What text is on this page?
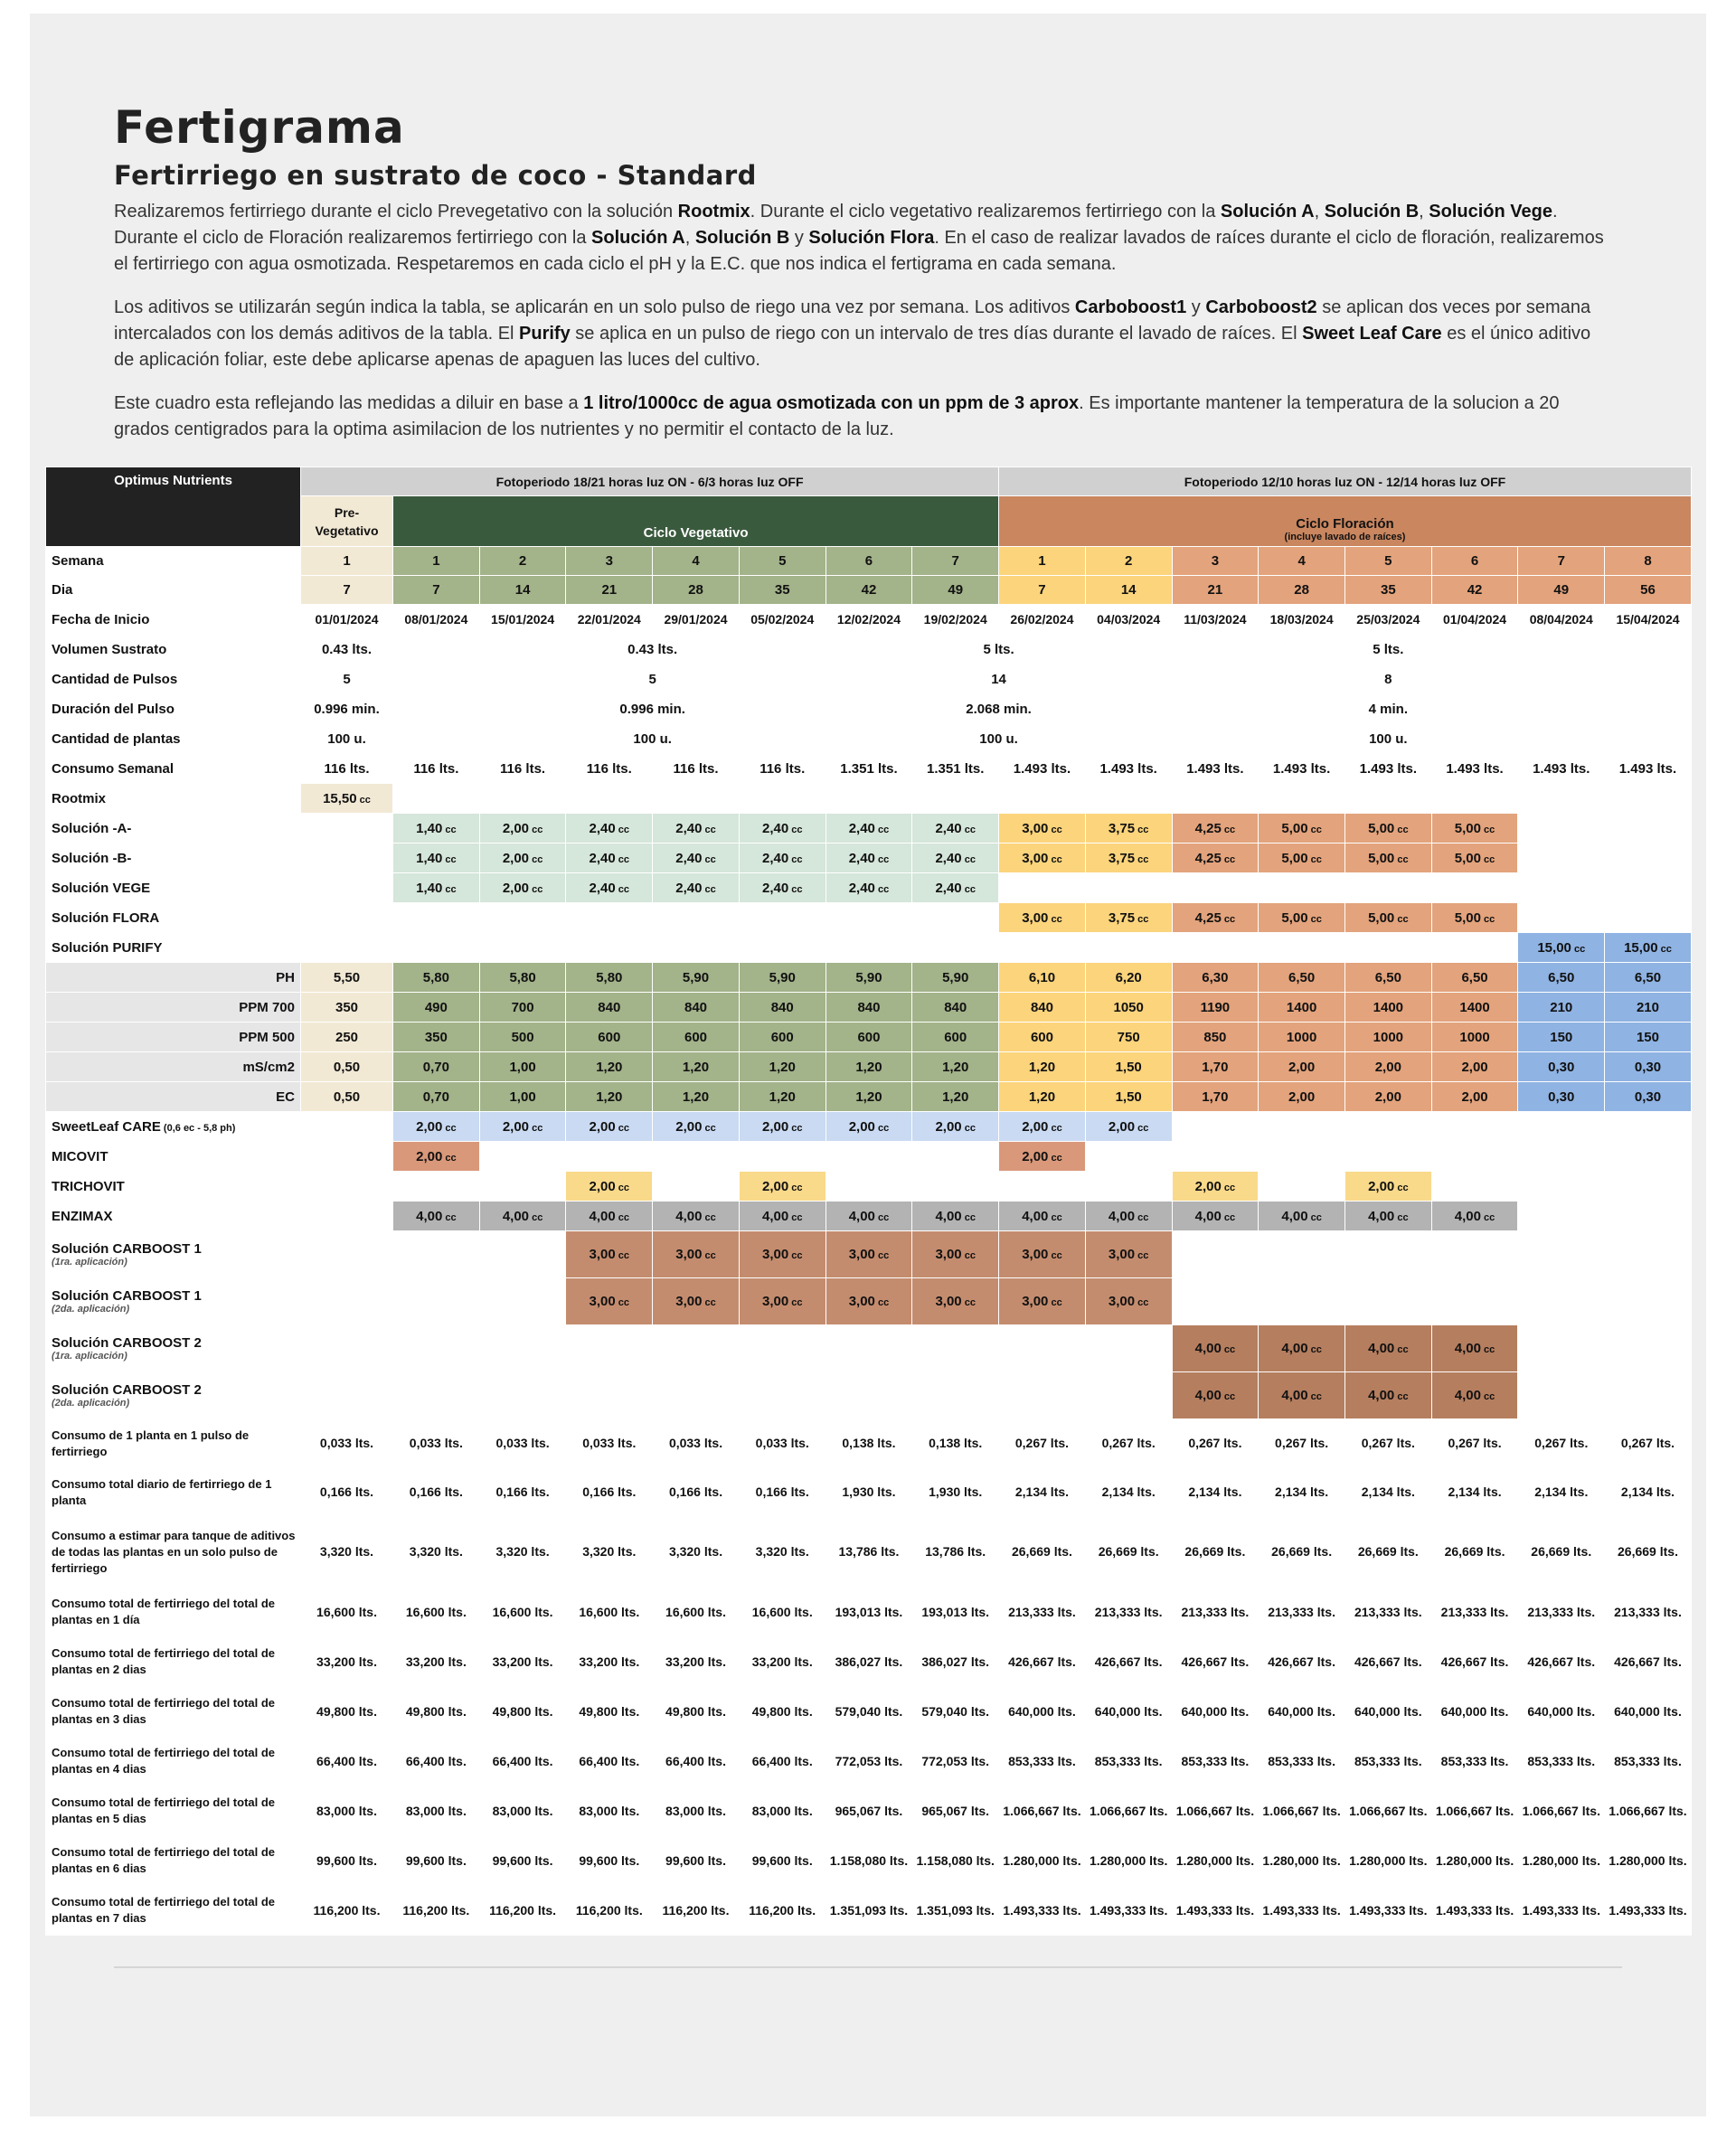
Fertigrama
Fertirriego en sustrato de coco - Standard

Realizaremos fertirriego durante el ciclo Prevegetativo con la solución Rootmix. Durante el ciclo vegetativo realizaremos fertirriego con la Solución A, Solución B, Solución Vege. Durante el ciclo de Floración realizaremos fertirriego con la Solución A, Solución B y Solución Flora. En el caso de realizar lavados de raíces durante el ciclo de floración, realizaremos el fertirriego con agua osmotizada. Respetaremos en cada ciclo el pH y la E.C. que nos indica el fertigrama en cada semana.

Los aditivos se utilizarán según indica la tabla, se aplicarán en un solo pulso de riego una vez por semana. Los aditivos Carboboost1 y Carboboost2 se aplican dos veces por semana intercalados con los demás aditivos de la tabla. El Purify se aplica en un pulso de riego con un intervalo de tres días durante el lavado de raíces. El Sweet Leaf Care es el único aditivo de aplicación foliar, este debe aplicarse apenas de apaguen las luces del cultivo.

Este cuadro esta reflejando las medidas a diluir en base a 1 litro/1000cc de agua osmotizada con un ppm de 3 aprox. Es importante mantener la temperatura de la solucion a 20 grados centigrados para la optima asimilacion de los nutrientes y no permitir el contacto de la luz.

Optimus Nutrients	Fotoperiodo 18/21 horas luz ON - 6/3 horas luz OFF								Fotoperiodo 12/10 horas luz ON - 12/14 horas luz OFF							
	Pre-Vegetativo	Ciclo Vegetativo							Ciclo Floración
(incluye lavado de raíces)							

Semana	1	1	2	3	4	5	6	7	1	2	3	4	5	6	7	8
Dia	7	7	14	21	28	35	42	49	7	14	21	28	35	42	49	56
Fecha de Inicio	01/01/2024	08/01/2024	15/01/2024	22/01/2024	29/01/2024	05/02/2024	12/02/2024	19/02/2024	26/02/2024	04/03/2024	11/03/2024	18/03/2024	25/03/2024	01/04/2024	08/04/2024	15/04/2024
Volumen Sustrato	0.43 lts.	0.43 lts.						5 lts.		5 lts.						
Cantidad de Pulsos	5	5						14		8						
Duración del Pulso	0.996 min.	0.996 min.						2.068 min.		4 min.						
Cantidad de plantas	100 u.	100 u.						100 u.		100 u.						
Consumo Semanal	116 lts.	116 lts.	116 lts.	116 lts.	116 lts.	116 lts.	1.351 lts.	1.351 lts.	1.493 lts.	1.493 lts.	1.493 lts.	1.493 lts.	1.493 lts.	1.493 lts.	1.493 lts.	1.493 lts.
Rootmix	15,50 cc															
Solución -A-		1,40 cc	2,00 cc	2,40 cc	2,40 cc	2,40 cc	2,40 cc	2,40 cc	3,00 cc	3,75 cc	4,25 cc	5,00 cc	5,00 cc	5,00 cc		
Solución -B-		1,40 cc	2,00 cc	2,40 cc	2,40 cc	2,40 cc	2,40 cc	2,40 cc	3,00 cc	3,75 cc	4,25 cc	5,00 cc	5,00 cc	5,00 cc		
Solución VEGE		1,40 cc	2,00 cc	2,40 cc	2,40 cc	2,40 cc	2,40 cc	2,40 cc								
Solución FLORA									3,00 cc	3,75 cc	4,25 cc	5,00 cc	5,00 cc	5,00 cc		
Solución PURIFY															15,00 cc	15,00 cc
PH	5,50	5,80	5,80	5,80	5,90	5,90	5,90	5,90	6,10	6,20	6,30	6,50	6,50	6,50	6,50	6,50
PPM 700	350	490	700	840	840	840	840	840	840	1050	1190	1400	1400	1400	210	210
PPM 500	250	350	500	600	600	600	600	600	600	750	850	1000	1000	1000	150	150
mS/cm2	0,50	0,70	1,00	1,20	1,20	1,20	1,20	1,20	1,20	1,50	1,70	2,00	2,00	2,00	0,30	0,30
EC	0,50	0,70	1,00	1,20	1,20	1,20	1,20	1,20	1,20	1,50	1,70	2,00	2,00	2,00	0,30	0,30
SweetLeaf CARE (0,6 ec - 5,8 ph)		2,00 cc	2,00 cc	2,00 cc	2,00 cc	2,00 cc	2,00 cc	2,00 cc	2,00 cc	2,00 cc						
MICOVIT		2,00 cc							2,00 cc							
TRICHOVIT				2,00 cc		2,00 cc					2,00 cc		2,00 cc			
ENZIMAX		4,00 cc	4,00 cc	4,00 cc	4,00 cc	4,00 cc	4,00 cc	4,00 cc	4,00 cc	4,00 cc	4,00 cc	4,00 cc	4,00 cc	4,00 cc		
Solución CARBOOST 1
(1ra. aplicación)				3,00 cc	3,00 cc	3,00 cc	3,00 cc	3,00 cc	3,00 cc	3,00 cc						
Solución CARBOOST 1
(2da. aplicación)				3,00 cc	3,00 cc	3,00 cc	3,00 cc	3,00 cc	3,00 cc	3,00 cc						
Solución CARBOOST 2
(1ra. aplicación)											4,00 cc	4,00 cc	4,00 cc	4,00 cc		
Solución CARBOOST 2
(2da. aplicación)											4,00 cc	4,00 cc	4,00 cc	4,00 cc		
Consumo de 1 planta en 1 pulso de fertirriego	0,033 lts.	0,033 lts.	0,033 lts.	0,033 lts.	0,033 lts.	0,033 lts.	0,138 lts.	0,138 lts.	0,267 lts.	0,267 lts.	0,267 lts.	0,267 lts.	0,267 lts.	0,267 lts.	0,267 lts.	0,267 lts.
Consumo total diario de fertirriego de 1 planta	0,166 lts.	0,166 lts.	0,166 lts.	0,166 lts.	0,166 lts.	0,166 lts.	1,930 lts.	1,930 lts.	2,134 lts.	2,134 lts.	2,134 lts.	2,134 lts.	2,134 lts.	2,134 lts.	2,134 lts.	2,134 lts.
Consumo a estimar para tanque de aditivos de todas las plantas en un solo pulso de fertirriego	3,320 lts.	3,320 lts.	3,320 lts.	3,320 lts.	3,320 lts.	3,320 lts.	13,786 lts.	13,786 lts.	26,669 lts.	26,669 lts.	26,669 lts.	26,669 lts.	26,669 lts.	26,669 lts.	26,669 lts.	26,669 lts.
Consumo total de fertirriego del total de plantas en 1 día	16,600 lts.	16,600 lts.	16,600 lts.	16,600 lts.	16,600 lts.	16,600 lts.	193,013 lts.	193,013 lts.	213,333 lts.	213,333 lts.	213,333 lts.	213,333 lts.	213,333 lts.	213,333 lts.	213,333 lts.	213,333 lts.
Consumo total de fertirriego del total de plantas en 2 dias	33,200 lts.	33,200 lts.	33,200 lts.	33,200 lts.	33,200 lts.	33,200 lts.	386,027 lts.	386,027 lts.	426,667 lts.	426,667 lts.	426,667 lts.	426,667 lts.	426,667 lts.	426,667 lts.	426,667 lts.	426,667 lts.
Consumo total de fertirriego del total de plantas en 3 dias	49,800 lts.	49,800 lts.	49,800 lts.	49,800 lts.	49,800 lts.	49,800 lts.	579,040 lts.	579,040 lts.	640,000 lts.	640,000 lts.	640,000 lts.	640,000 lts.	640,000 lts.	640,000 lts.	640,000 lts.	640,000 lts.
Consumo total de fertirriego del total de plantas en 4 dias	66,400 lts.	66,400 lts.	66,400 lts.	66,400 lts.	66,400 lts.	66,400 lts.	772,053 lts.	772,053 lts.	853,333 lts.	853,333 lts.	853,333 lts.	853,333 lts.	853,333 lts.	853,333 lts.	853,333 lts.	853,333 lts.
Consumo total de fertirriego del total de plantas en 5 dias	83,000 lts.	83,000 lts.	83,000 lts.	83,000 lts.	83,000 lts.	83,000 lts.	965,067 lts.	965,067 lts.	1.066,667 lts.	1.066,667 lts.	1.066,667 lts.	1.066,667 lts.	1.066,667 lts.	1.066,667 lts.	1.066,667 lts.	1.066,667 lts.
Consumo total de fertirriego del total de plantas en 6 dias	99,600 lts.	99,600 lts.	99,600 lts.	99,600 lts.	99,600 lts.	99,600 lts.	1.158,080 lts.	1.158,080 lts.	1.280,000 lts.	1.280,000 lts.	1.280,000 lts.	1.280,000 lts.	1.280,000 lts.	1.280,000 lts.	1.280,000 lts.	1.280,000 lts.
Consumo total de fertirriego del total de plantas en 7 dias	116,200 lts.	116,200 lts.	116,200 lts.	116,200 lts.	116,200 lts.	116,200 lts.	1.351,093 lts.	1.351,093 lts.	1.493,333 lts.	1.493,333 lts.	1.493,333 lts.	1.493,333 lts.	1.493,333 lts.	1.493,333 lts.	1.493,333 lts.	1.493,333 lts.
